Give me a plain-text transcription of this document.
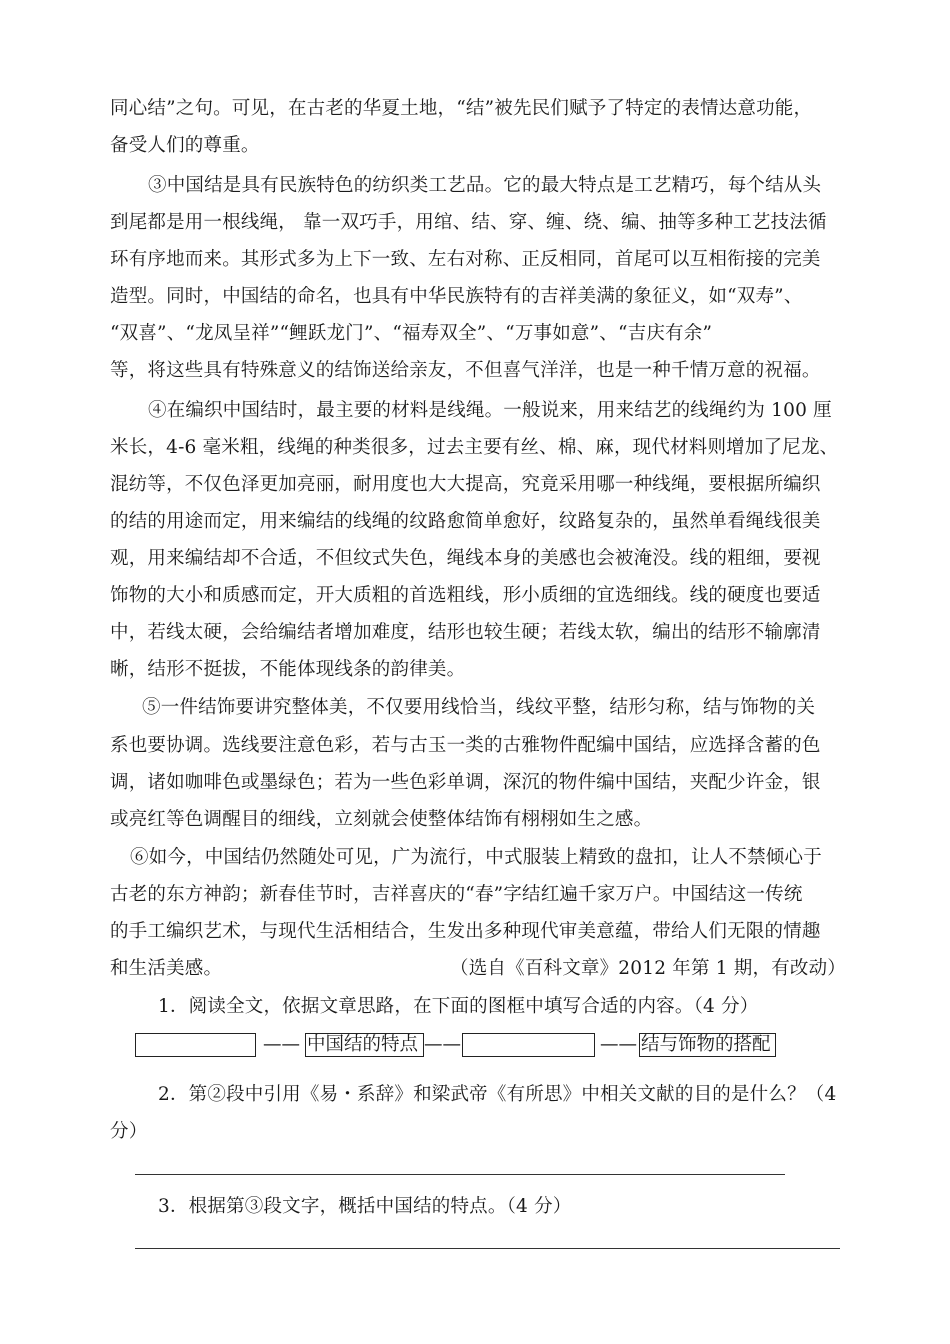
同心结”之句。可见，在古老的华夏土地，“结”被先民们赋予了特定的表情达意功能，
备受人们的尊重。
③中国结是具有民族特色的纺织类工艺品。它的最大特点是工艺精巧，每个结从头
到尾都是用一根线绳， 靠一双巧手，用绾、结、穿、缠、绕、编、抽等多种工艺技法循
环有序地而来。其形式多为上下一致、左右对称、正反相同，首尾可以互相衔接的完美
造型。同时，中国结的命名，也具有中华民族特有的吉祥美满的象征义，如“双寿”、
“双喜”、“龙凤呈祥”“鲤跃龙门”、“福寿双全”、“万事如意”、“吉庆有余”
等，将这些具有特殊意义的结饰送给亲友，不但喜气洋洋，也是一种千情万意的祝福。
④在编织中国结时，最主要的材料是线绳。一般说来，用来结艺的线绳约为 100 厘
米长，4-6 毫米粗，线绳的种类很多，过去主要有丝、棉、麻，现代材料则增加了尼龙、
混纺等，不仅色泽更加亮丽，耐用度也大大提高，究竟采用哪一种线绳，要根据所编织
的结的用途而定，用来编结的线绳的纹路愈简单愈好，纹路复杂的，虽然单看绳线很美
观，用来编结却不合适，不但纹式失色，绳线本身的美感也会被淹没。线的粗细，要视
饰物的大小和质感而定，开大质粗的首选粗线，形小质细的宜选细线。线的硬度也要适
中，若线太硬，会给编结者增加难度，结形也较生硬；若线太软，编出的结形不输廓清
晰，结形不挺拔，不能体现线条的韵律美。
⑤一件结饰要讲究整体美，不仅要用线恰当，线纹平整，结形匀称，结与饰物的关
系也要协调。选线要注意色彩，若与古玉一类的古雅物件配编中国结，应选择含蓄的色
调，诸如咖啡色或墨绿色；若为一些色彩单调，深沉的物件编中国结，夹配少许金，银
或亮红等色调醒目的细线，立刻就会使整体结饰有栩栩如生之感。
⑥如今，中国结仍然随处可见，广为流行，中式服装上精致的盘扣，让人不禁倾心于
古老的东方神韵；新春佳节时，吉祥喜庆的“春”字结红遍千家万户。中国结这一传统
的手工编织艺术，与现代生活相结合，生发出多种现代审美意蕴，带给人们无限的情趣
和生活美感。	（选自《百科文章》2012 年第 1 期，有改动）
1．阅读全文，依据文章思路，在下面的图框中填写合适的内容。（4 分）
—— 中国结的特点 ——	—— 结与饰物的搭配
2．第②段中引用《易・系辞》和梁武帝《有所思》中相关文献的目的是什么？（4
分）
3．根据第③段文字，概括中国结的特点。（4 分）
